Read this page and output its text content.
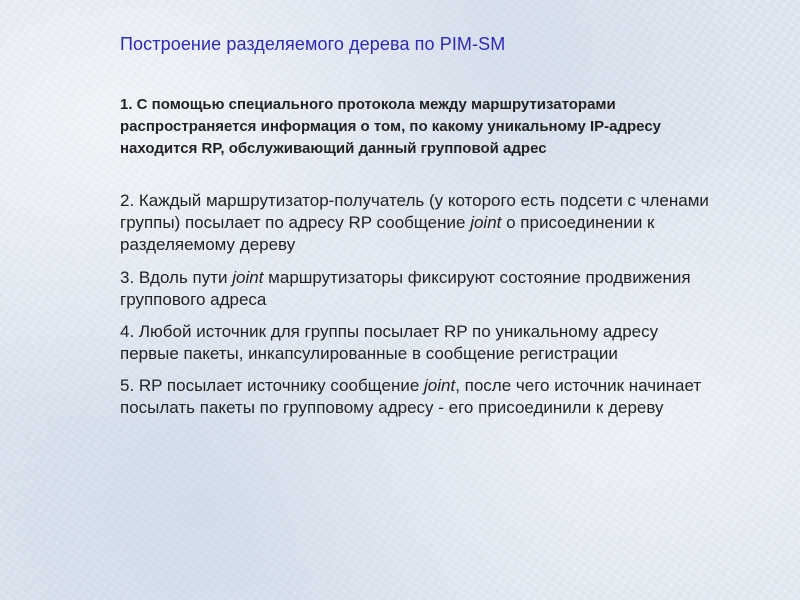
Построение разделяемого дерева по PIM-SM
1. С помощью специального протокола между маршрутизаторами распространяется информация о том, по какому уникальному IP-адресу находится RP, обслуживающий данный групповой адрес
2. Каждый маршрутизатор-получатель (у которого есть подсети с членами группы) посылает по адресу RP сообщение joint о присоединении к разделяемому дереву
3. Вдоль пути joint маршрутизаторы фиксируют состояние продвижения группового адреса
4. Любой источник для группы посылает RP по уникальному адресу первые пакеты, инкапсулированные в сообщение регистрации
5. RP посылает источнику сообщение joint, после чего источник начинает посылать пакеты по групповому адресу - его присоединили к дереву
